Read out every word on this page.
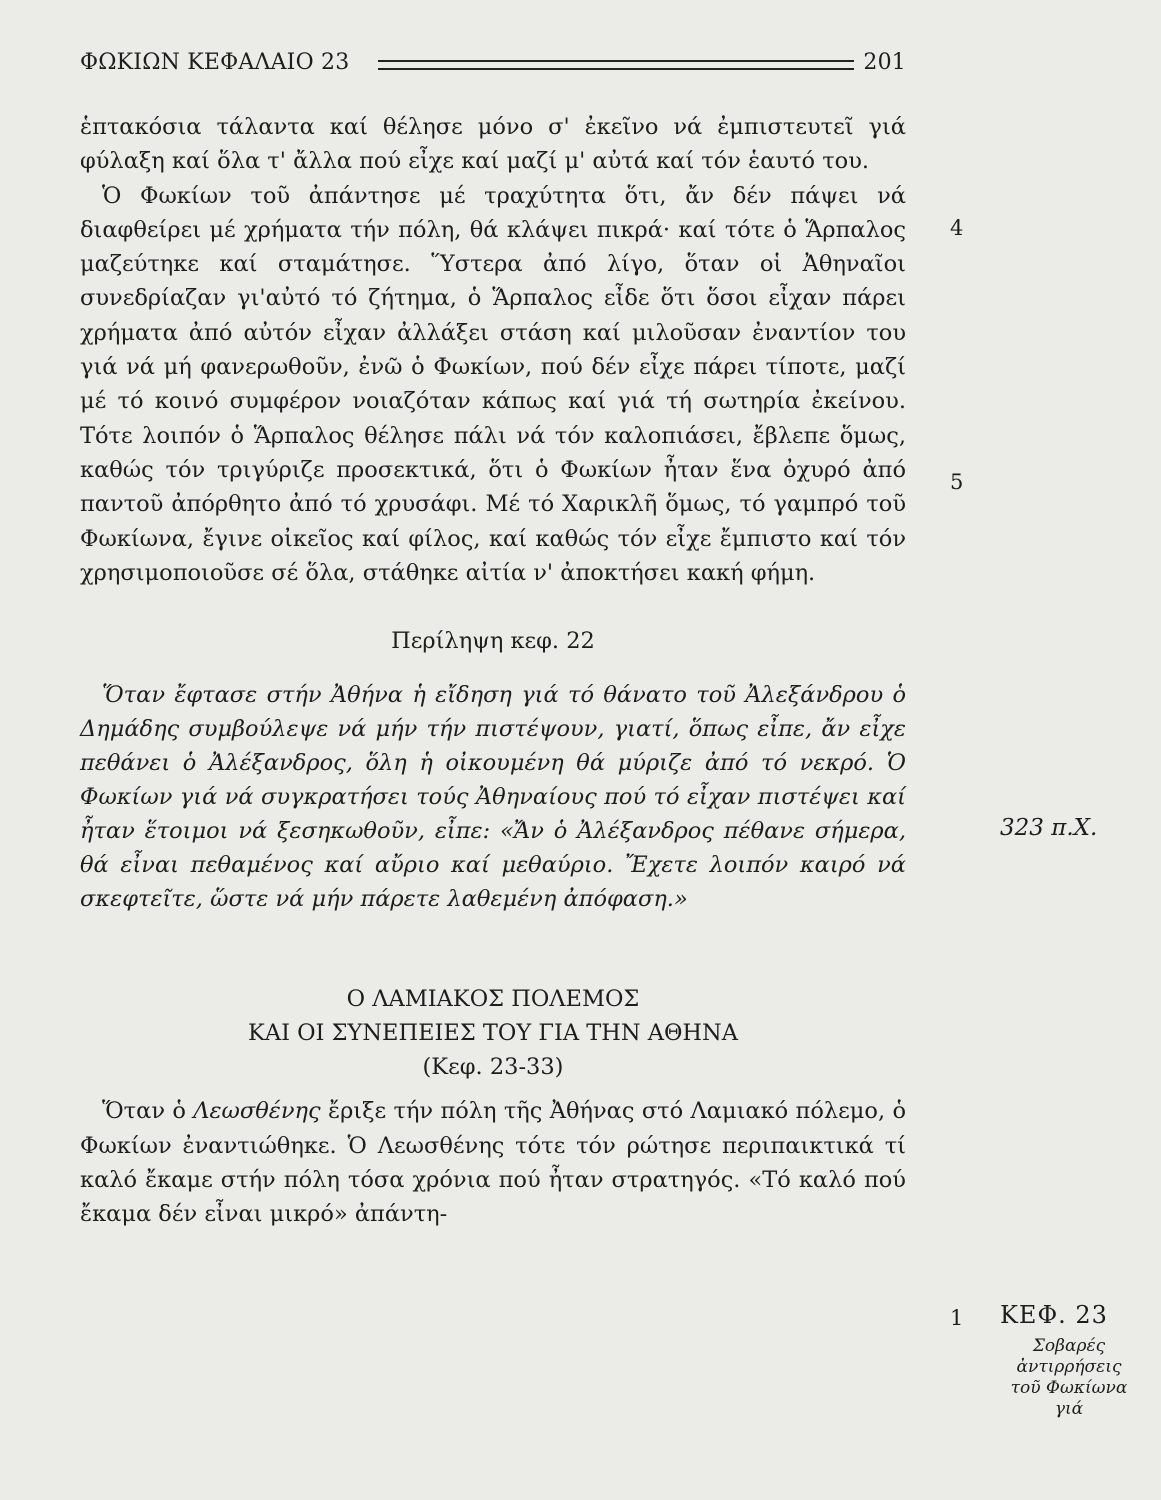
ΦΩΚΙΩΝ ΚΕΦΑΛΑΙΟ 23	201

ἑπτακόσια τάλαντα καί θέλησε μόνο σ' ἐκεῖνο νά ἐμπιστευτεῖ γιά φύλαξη καί ὅλα τ' ἄλλα πού εἶχε καί μαζί μ' αὐτά καί τόν ἑαυτό του.

Ὁ Φωκίων τοῦ ἀπάντησε μέ τραχύτητα ὅτι, ἄν δέν πάψει νά διαφθείρει μέ χρήματα τήν πόλη, θά κλάψει πικρά· καί τότε ὁ Ἅρπαλος μαζεύτηκε καί σταμάτησε. Ὕστερα ἀπό λίγο, ὅταν οἱ Ἀθηναῖοι συνεδρίαζαν γι'αὐτό τό ζήτημα, ὁ Ἅρπαλος εἶδε ὅτι ὅσοι εἶχαν πάρει χρήματα ἀπό αὐτόν εἶχαν ἀλλάξει στάση καί μιλοῦσαν ἐναντίον του γιά νά μή φανερωθοῦν, ἐνῶ ὁ Φωκίων, πού δέν εἶχε πάρει τίποτε, μαζί μέ τό κοινό συμφέρον νοιαζόταν κάπως καί γιά τή σωτηρία ἐκείνου. Τότε λοιπόν ὁ Ἅρπαλος θέλησε πάλι νά τόν καλοπιάσει, ἔβλεπε ὅμως, καθώς τόν τριγύριζε προσεκτικά, ὅτι ὁ Φωκίων ἦταν ἕνα ὀχυρό ἀπό παντοῦ ἀπόρθητο ἀπό τό χρυσάφι. Μέ τό Χαρικλῆ ὅμως, τό γαμπρό τοῦ Φωκίωνα, ἔγινε οἰκεῖος καί φίλος, καί καθώς τόν εἶχε ἔμπιστο καί τόν χρησιμοποιοῦσε σέ ὅλα, στάθηκε αἰτία ν' ἀποκτήσει κακή φήμη.

Περίληψη κεφ. 22

Ὅταν ἔφτασε στήν Ἀθήνα ἡ εἴδηση γιά τό θάνατο τοῦ Ἀλεξάνδρου ὁ Δημάδης συμβούλεψε νά μήν τήν πιστέψουν, γιατί, ὅπως εἶπε, ἄν εἶχε πεθάνει ὁ Ἀλέξανδρος, ὅλη ἡ οἰκουμένη θά μύριζε ἀπό τό νεκρό. Ὁ Φωκίων γιά νά συγκρατήσει τούς Ἀθηναίους πού τό εἶχαν πιστέψει καί ἦταν ἕτοιμοι νά ξεσηκωθοῦν, εἶπε: «Ἄν ὁ Ἀλέξανδρος πέθανε σήμερα, θά εἶναι πεθαμένος καί αὔριο καί μεθαύριο. Ἔχετε λοιπόν καιρό νά σκεφτεῖτε, ὥστε νά μήν πάρετε λαθεμένη ἀπόφαση.»

Ο ΛΑΜΙΑΚΟΣ ΠΟΛΕΜΟΣ
ΚΑΙ ΟΙ ΣΥΝΕΠΕΙΕΣ ΤΟΥ ΓΙΑ ΤΗΝ ΑΘΗΝΑ
(Κεφ. 23-33)

Ὅταν ὁ Λεωσθένης ἔριξε τήν πόλη τῆς Ἀθήνας στό Λαμιακό πόλεμο, ὁ Φωκίων ἐναντιώθηκε. Ὁ Λεωσθένης τότε τόν ρώτησε περιπαικτικά τί καλό ἔκαμε στήν πόλη τόσα χρόνια πού ἦταν στρατηγός. «Τό καλό πού ἔκαμα δέν εἶναι μικρό» ἀπάντη-

4
5
1
323 π.Χ.
ΚΕΦ. 23
Σοβαρές ἀντιρρήσεις τοῦ Φωκίωνα γιά
